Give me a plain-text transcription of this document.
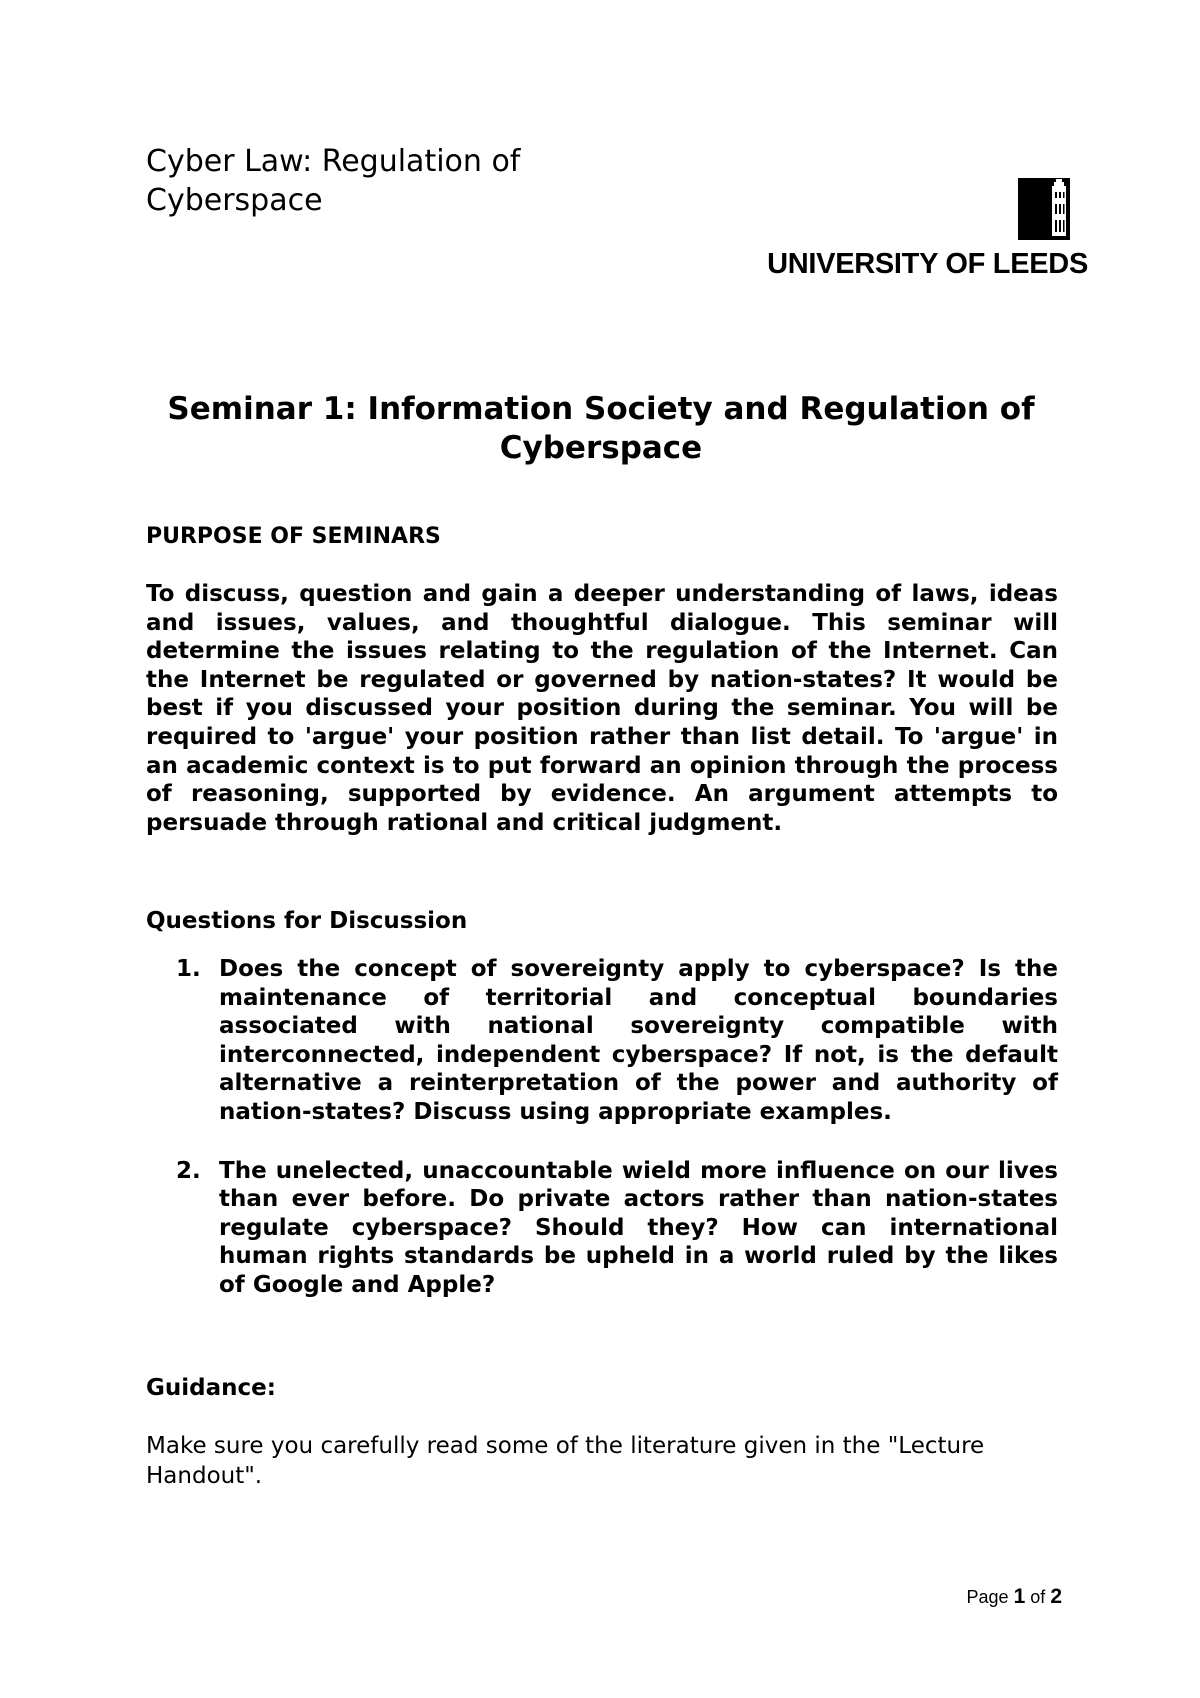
Cyber Law: Regulation of
Cyberspace
UNIVERSITY OF LEEDS
Seminar 1: Information Society and Regulation of Cyberspace
PURPOSE OF SEMINARS

To discuss, question and gain a deeper understanding of laws, ideas and issues, values, and thoughtful dialogue. This seminar will determine the issues relating to the regulation of the Internet. Can the Internet be regulated or governed by nation-states? It would be best if you discussed your position during the seminar. You will be required to 'argue' your position rather than list detail. To 'argue' in an academic context is to put forward an opinion through the process of reasoning, supported by evidence. An argument attempts to persuade through rational and critical judgment.

Questions for Discussion
1. Does the concept of sovereignty apply to cyberspace? Is the maintenance of territorial and conceptual boundaries associated with national sovereignty compatible with interconnected, independent cyberspace? If not, is the default alternative a reinterpretation of the power and authority of nation-states? Discuss using appropriate examples.
2. The unelected, unaccountable wield more influence on our lives than ever before. Do private actors rather than nation-states regulate cyberspace? Should they? How can international human rights standards be upheld in a world ruled by the likes of Google and Apple?
Guidance:

Make sure you carefully read some of the literature given in the "Lecture Handout".

Page 1 of 2
